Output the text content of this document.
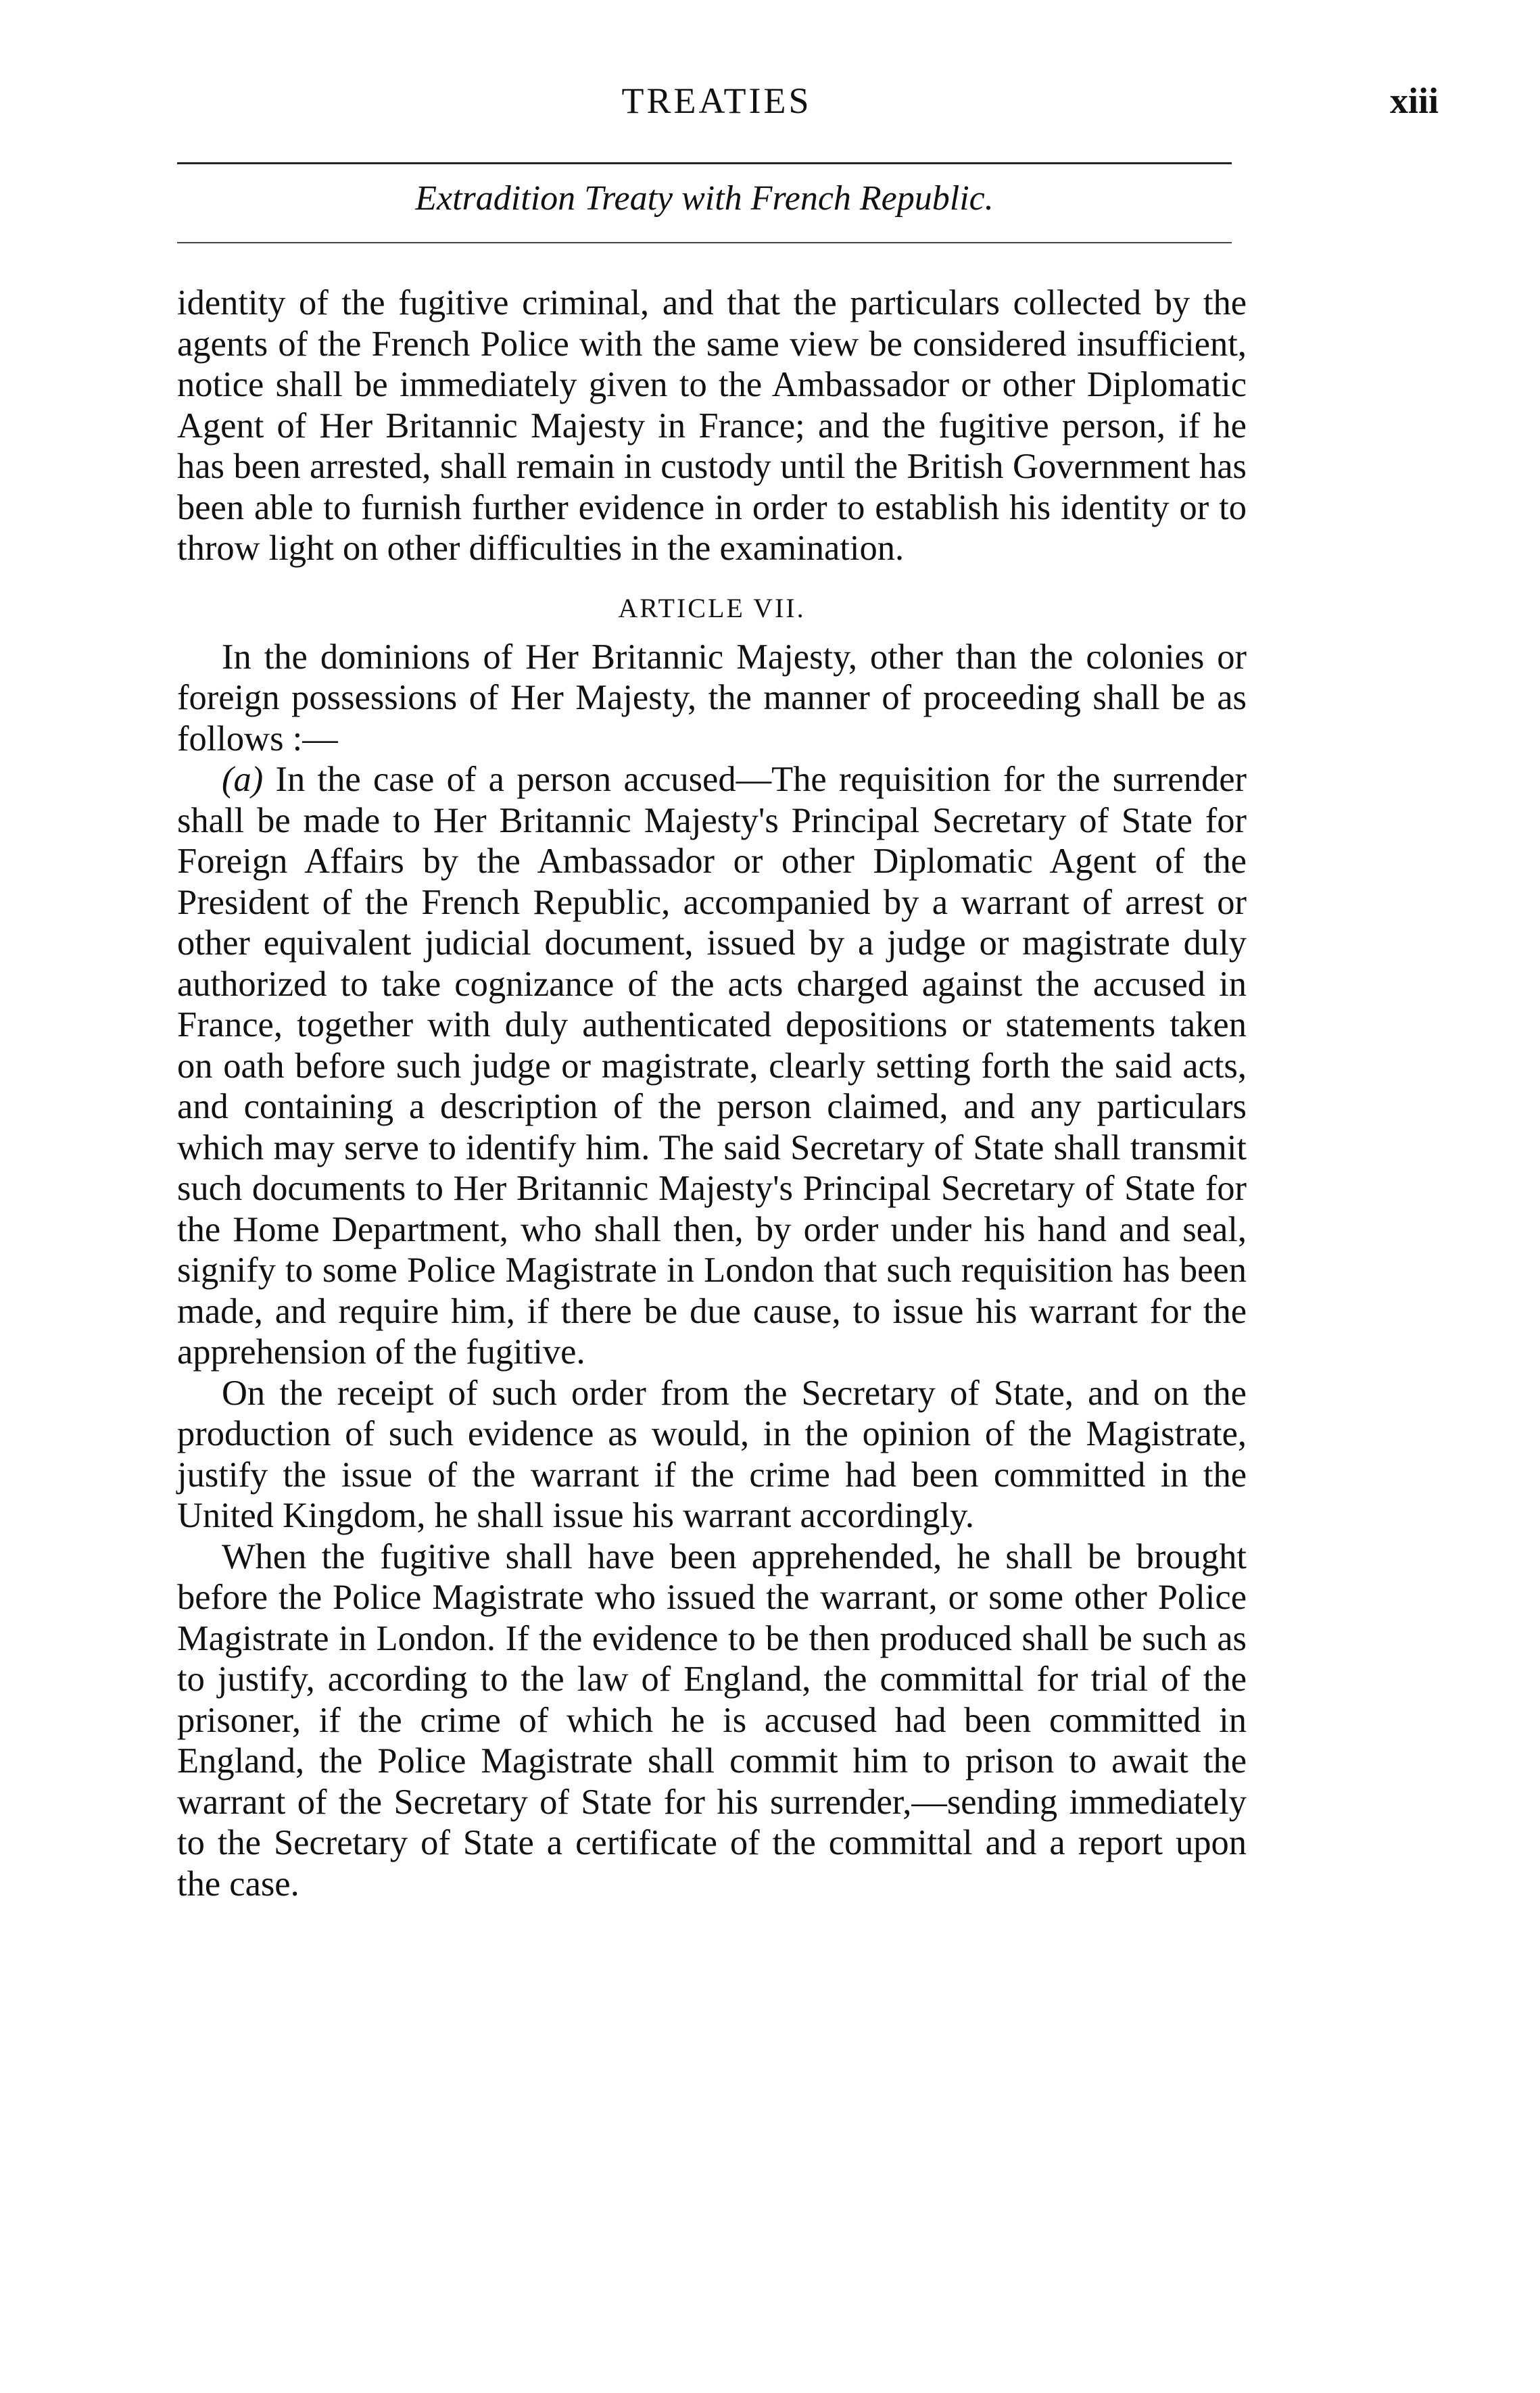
TREATIES	xiii
Extradition Treaty with French Republic.

identity of the fugitive criminal, and that the particulars collected by the agents of the French Police with the same view be considered insufficient, notice shall be immediately given to the Ambassador or other Diplomatic Agent of Her Britannic Majesty in France; and the fugitive person, if he has been arrested, shall remain in custody until the British Government has been able to furnish further evidence in order to establish his identity or to throw light on other difficulties in the examination.

ARTICLE VII.

In the dominions of Her Britannic Majesty, other than the colonies or foreign possessions of Her Majesty, the manner of proceeding shall be as follows :—

(a) In the case of a person accused—The requisition for the surrender shall be made to Her Britannic Majesty's Principal Secretary of State for Foreign Affairs by the Ambassador or other Diplomatic Agent of the President of the French Republic, accompanied by a warrant of arrest or other equivalent judicial document, issued by a judge or magistrate duly authorized to take cognizance of the acts charged against the accused in France, together with duly authenticated depositions or statements taken on oath before such judge or magistrate, clearly setting forth the said acts, and containing a description of the person claimed, and any particulars which may serve to identify him. The said Secretary of State shall transmit such documents to Her Britannic Majesty's Principal Secretary of State for the Home Department, who shall then, by order under his hand and seal, signify to some Police Magistrate in London that such requisition has been made, and require him, if there be due cause, to issue his warrant for the apprehension of the fugitive.

On the receipt of such order from the Secretary of State, and on the production of such evidence as would, in the opinion of the Magistrate, justify the issue of the warrant if the crime had been committed in the United Kingdom, he shall issue his warrant accordingly.

When the fugitive shall have been apprehended, he shall be brought before the Police Magistrate who issued the warrant, or some other Police Magistrate in London. If the evidence to be then produced shall be such as to justify, according to the law of England, the committal for trial of the prisoner, if the crime of which he is accused had been committed in England, the Police Magistrate shall commit him to prison to await the warrant of the Secretary of State for his surrender,—sending immediately to the Secretary of State a certificate of the committal and a report upon the case.
